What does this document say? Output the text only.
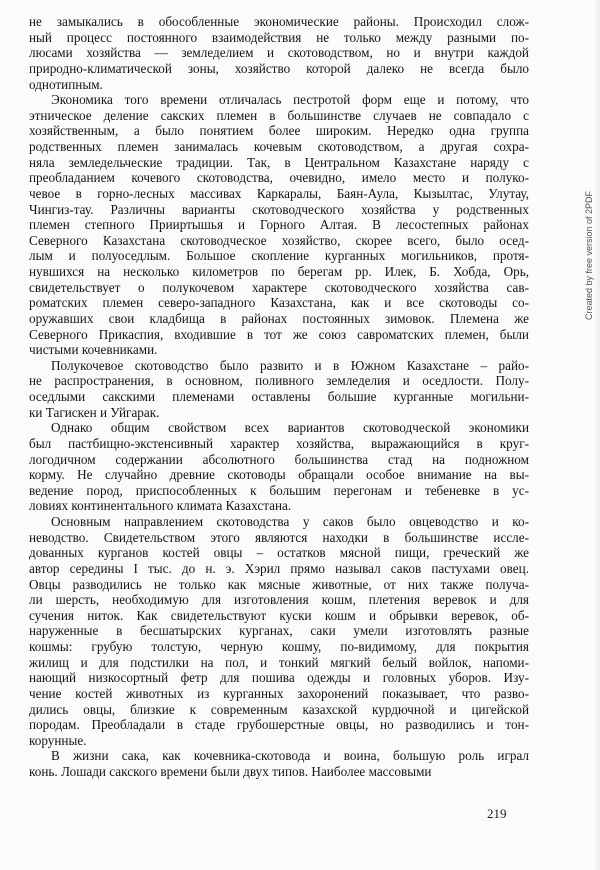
не замыкались в обособленные экономические районы. Происходил слож-
ный процесс постоянного взаимодействия не только между разными по-
люсами хозяйства — земледелием и скотоводством, но и внутри каждой
природно-климатической зоны, хозяйство которой далеко не всегда было
однотипным.
Экономика того времени отличалась пестротой форм еще и потому, что
этническое деление сакских племен в большинстве случаев не совпадало с
хозяйственным, а было понятием более широким. Нередко одна группа
родственных племен занималась кочевым скотоводством, а другая сохра-
нялa земледельческие традиции. Так, в Центральном Казахстане наряду с
преобладанием кочевого скотоводства, очевидно, имело место и полуко-
чевое в горно-лесных массивах Каркаралы, Баян-Аула, Кызылтас, Улутау,
Чингиз-тау. Различны варианты скотоводческого хозяйства у родственных
племен степного Прииртышья и Горного Алтая. В лесостепных районах
Северного Казахстана скотоводческое хозяйство, скорее всего, было осед-
лым и полуоседлым. Большое скопление курганных могильников, протя-
нувшихся на несколько километров по берегам рр. Илек, Б. Хобда, Орь,
свидетельствует о полукочевом характере скотоводческого хозяйства сав-
роматских племен северо-западного Казахстана, как и все скотоводы со-
оружавших свои кладбища в районах постоянных зимовок. Племена же
Северного Прикаспия, входившие в тот же союз савроматских племен, были
чистыми кочевниками.
Полукочевое скотоводство было развито и в Южном Казахстане – райо-
не распространения, в основном, поливного земледелия и оседлости. Полу-
оседлыми сакскими племенами оставлены большие курганные могильни-
ки Тагискен и Уйгарак.
Однако общим свойством всех вариантов скотоводческой экономики
был пастбищно-экстенсивный характер хозяйства, выражающийся в круг-
логодичном содержании абсолютного большинства стад на подножном
корму. Не случайно древние скотоводы обращали особое внимание на вы-
ведение пород, приспособленных к большим перегонам и тебеневке в ус-
ловиях континентального климата Казахстана.
Основным направлением скотоводства у саков было овцеводство и ко-
неводство. Свидетельством этого являются находки в большинстве иссле-
дованных курганов костей овцы – остатков мясной пищи, греческий же
автор середины I тыс. до н. э. Хэрил прямо называл саков пастухами овец.
Овцы разводились не только как мясные животные, от них также получа-
ли шерсть, необходимую для изготовления кошм, плетения веревок и для
сучения ниток. Как свидетельствуют куски кошм и обрывки веревок, об-
наруженные в бесшатырских курганах, саки умели изготовлять разные
кошмы: грубую толстую, черную кошму, по-видимому, для покрытия
жилищ и для подстилки на пол, и тонкий мягкий белый войлок, напоми-
нающий низкосортный фетр для пошива одежды и головных уборов. Изу-
чение костей животных из курганных захоронений показывает, что разво-
дились овцы, близкие к современным казахской курдючной и цигейской
породам. Преобладали в стаде грубошерстные овцы, но разводились и тон-
корунные.
В жизни сака, как кочевника-скотовода и воина, большую роль играл
конь. Лошади сакского времени были двух типов. Наиболее массовыми
219
Created by free version of 2PDF
